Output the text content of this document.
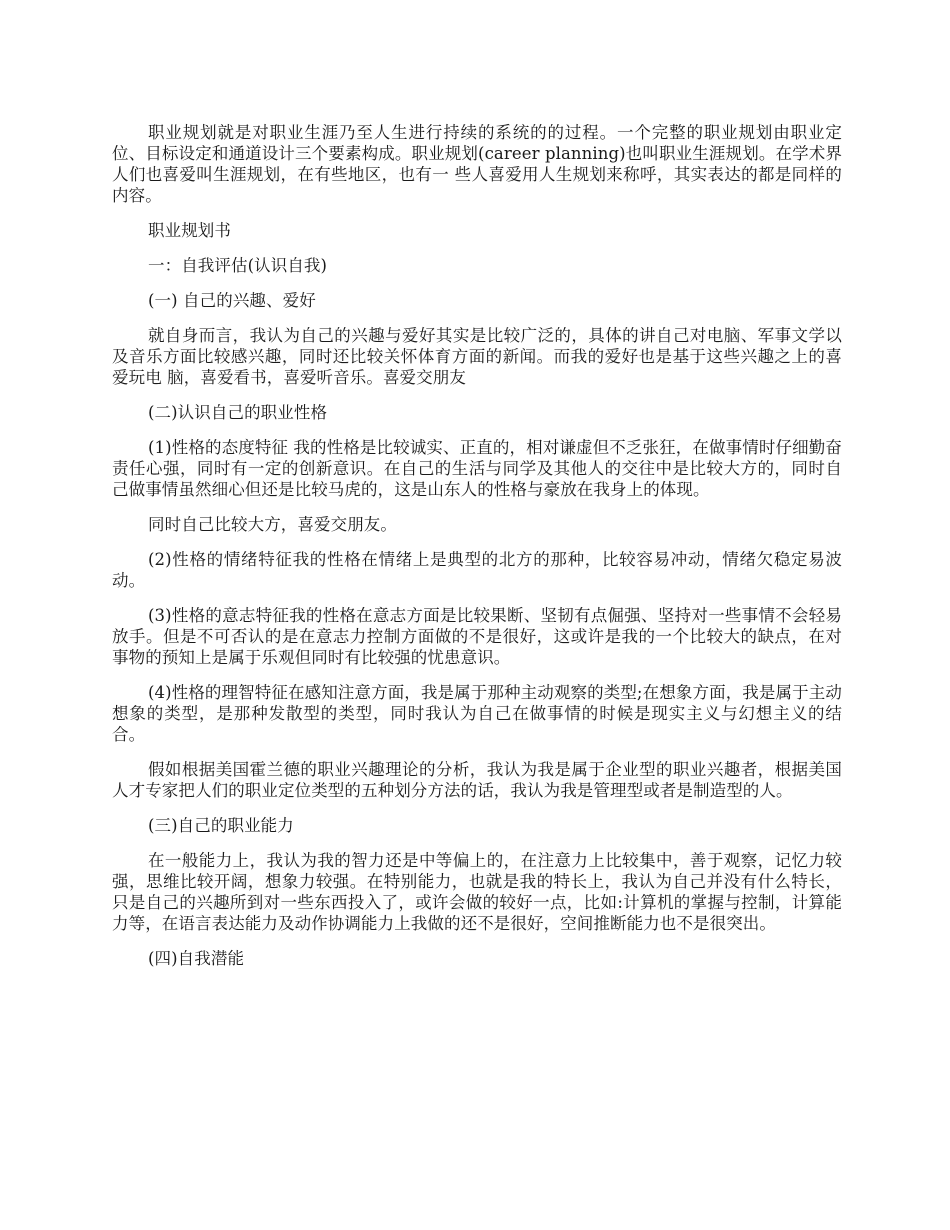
职业规划就是对职业生涯乃至人生进行持续的系统的的过程。一个完整的职业规划由职业定位、目标设定和通道设计三个要素构成。职业规划(career planning)也叫职业生涯规划。在学术界人们也喜爱叫生涯规划，在有些地区，也有一 些人喜爱用人生规划来称呼，其实表达的都是同样的内容。

职业规划书

一：自我评估(认识自我)

(一) 自己的兴趣、爱好

就自身而言，我认为自己的兴趣与爱好其实是比较广泛的，具体的讲自己对电脑、军事文学以及音乐方面比较感兴趣，同时还比较关怀体育方面的新闻。而我的爱好也是基于这些兴趣之上的喜爱玩电 脑，喜爱看书，喜爱听音乐。喜爱交朋友

(二)认识自己的职业性格

(1)性格的态度特征 我的性格是比较诚实、正直的，相对谦虚但不乏张狂，在做事情时仔细勤奋责任心强，同时有一定的创新意识。在自己的生活与同学及其他人的交往中是比较大方的，同时自己做事情虽然细心但还是比较马虎的，这是山东人的性格与豪放在我身上的体现。

同时自己比较大方，喜爱交朋友。

(2)性格的情绪特征我的性格在情绪上是典型的北方的那种，比较容易冲动，情绪欠稳定易波动。

(3)性格的意志特征我的性格在意志方面是比较果断、坚韧有点倔强、坚持对一些事情不会轻易放手。但是不可否认的是在意志力控制方面做的不是很好，这或许是我的一个比较大的缺点，在对事物的预知上是属于乐观但同时有比较强的忧患意识。

(4)性格的理智特征在感知注意方面，我是属于那种主动观察的类型;在想象方面，我是属于主动想象的类型，是那种发散型的类型，同时我认为自己在做事情的时候是现实主义与幻想主义的结合。

假如根据美国霍兰德的职业兴趣理论的分析，我认为我是属于企业型的职业兴趣者，根据美国人才专家把人们的职业定位类型的五种划分方法的话，我认为我是管理型或者是制造型的人。

(三)自己的职业能力

在一般能力上，我认为我的智力还是中等偏上的，在注意力上比较集中，善于观察，记忆力较强，思维比较开阔，想象力较强。在特别能力，也就是我的特长上，我认为自己并没有什么特长，只是自己的兴趣所到对一些东西投入了，或许会做的较好一点，比如:计算机的掌握与控制，计算能力等，在语言表达能力及动作协调能力上我做的还不是很好，空间推断能力也不是很突出。

(四)自我潜能
